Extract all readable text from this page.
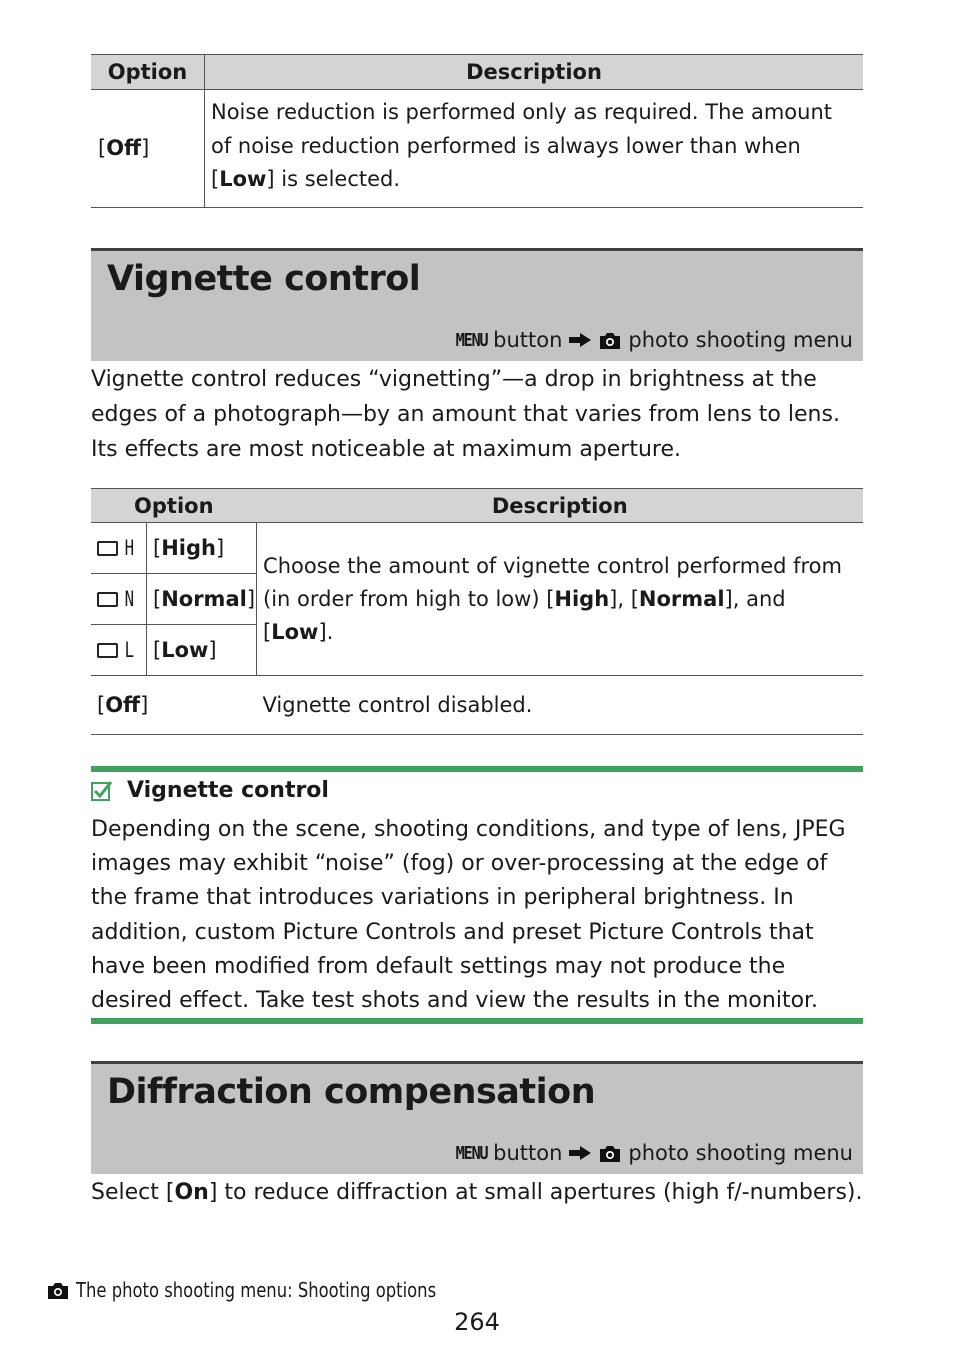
Option	Description
[Off]	Noise reduction is performed only as required. The amount of noise reduction performed is always lower than when [Low] is selected.
Vignette control
MENU button	photo shooting menu

Vignette control reduces “vignetting”—a drop in brightness at the edges of a photograph—by an amount that varies from lens to lens. Its effects are most noticeable at maximum aperture.

Option		Description

H	[High]	Choose the amount of vignette control performed from (in order from high to low) [High], [Normal], and [Low].

N	[Normal]	

L	[Low]	
[Off]		Vignette control disabled.
Vignette control

Depending on the scene, shooting conditions, and type of lens, JPEG images may exhibit “noise” (fog) or over-processing at the edge of the frame that introduces variations in peripheral brightness. In addition, custom Picture Controls and preset Picture Controls that have been modified from default settings may not produce the desired effect. Take test shots and view the results in the monitor.

Diffraction compensation
MENU button	photo shooting menu

Select [On] to reduce diffraction at small apertures (high f/-numbers).

The photo shooting menu: Shooting options
264
